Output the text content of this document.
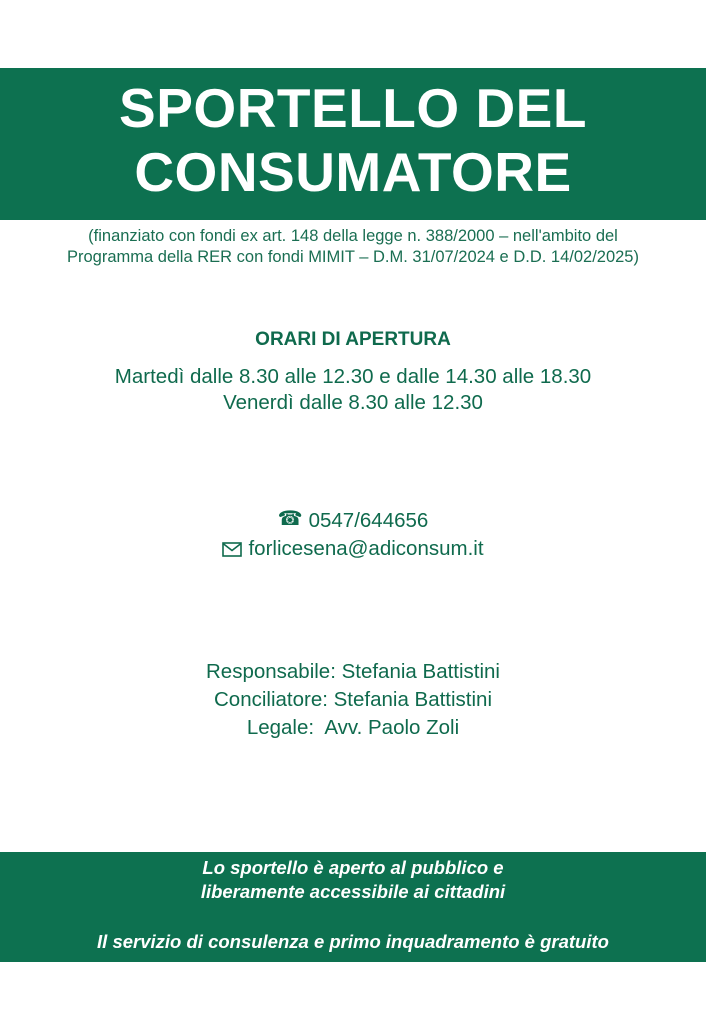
SPORTELLO DEL
CONSUMATORE
(finanziato con fondi ex art. 148 della legge n. 388/2000 – nell'ambito del
Programma della RER con fondi MIMIT – D.M. 31/07/2024 e D.D. 14/02/2025)
ORARI DI APERTURA
Martedì dalle 8.30 alle 12.30 e dalle 14.30 alle 18.30
Venerdì dalle 8.30 alle 12.30
☎ 0547/644656
forlicesena@adiconsum.it
Responsabile: Stefania Battistini
Conciliatore: Stefania Battistini
Legale:  Avv. Paolo Zoli
Lo sportello è aperto al pubblico e
liberamente accessibile ai cittadini
Il servizio di consulenza e primo inquadramento è gratuito
